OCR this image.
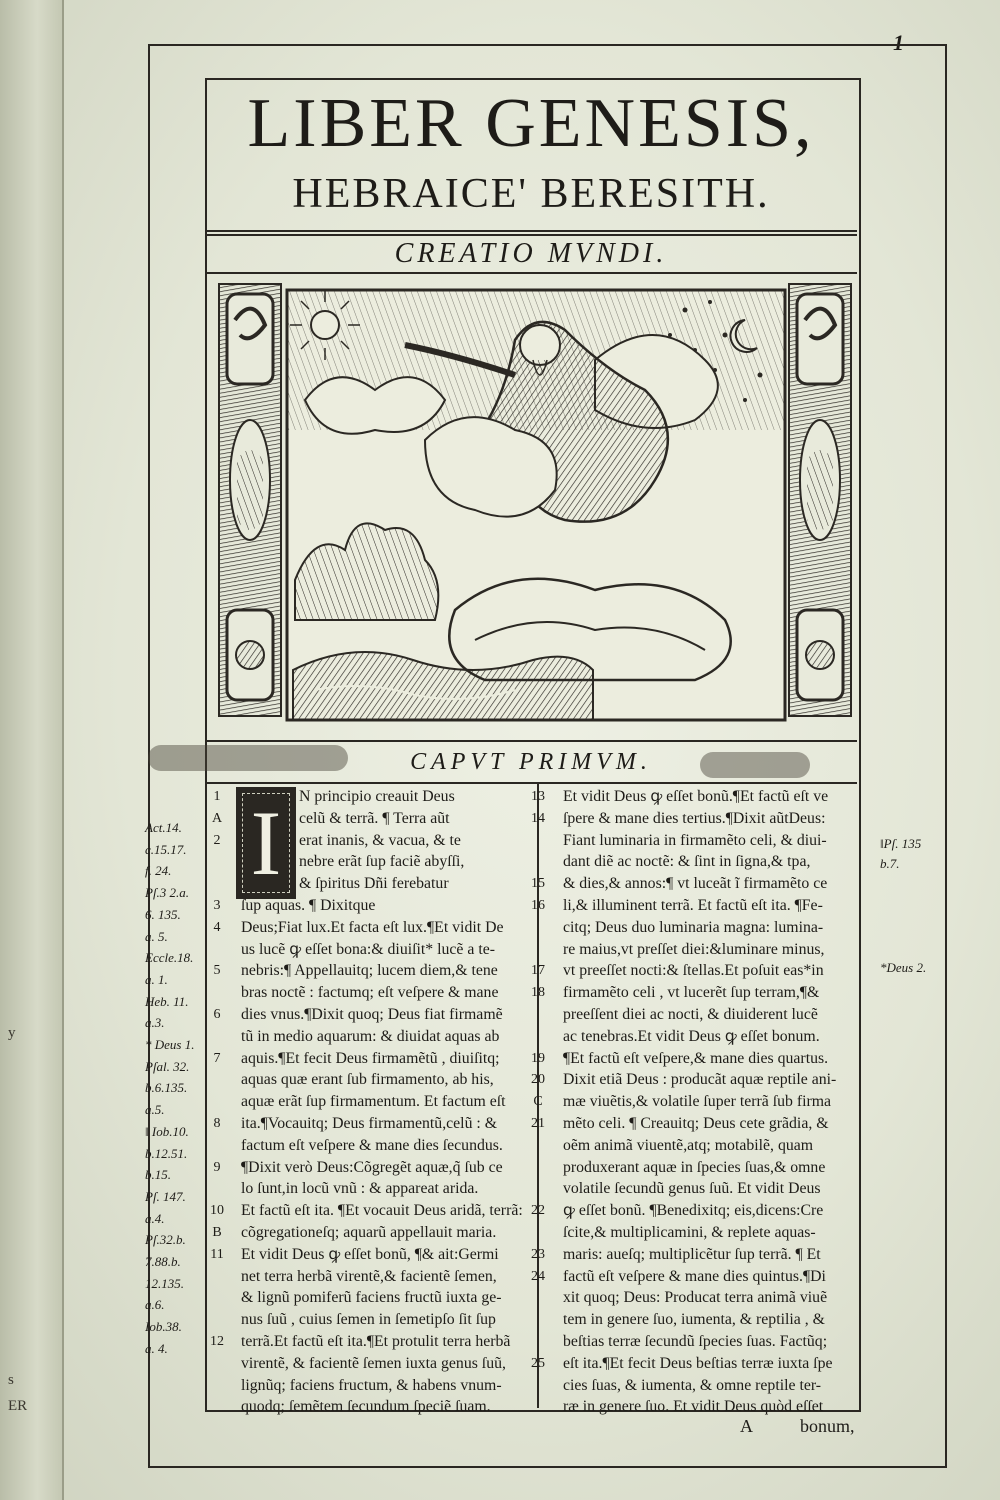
y
s
ER
1
LIBER GENESIS,
HEBRAICE' BERESITH.
CREATIO MVNDI.
CAPVT PRIMVM.
I
1	N principio creauit Deus
A	celũ & terrã. ¶ Terra aũt
2	erat inanis, & vacua, & te
nebre erãt ſup faciẽ abyſſi,
& ſpiritus Dñi ferebatur
3	ſup aquas. ¶ Dixitque
4	Deus;Fiat lux.Et facta eſt lux.¶Et vidit De
us lucẽ ꝙ eſſet bona:& diuiſit* lucẽ a te-
5	nebris:¶ Appellauitq; lucem diem,& tene
bras noctẽ : factumq; eſt veſpere & mane
6	dies vnus.¶Dixit quoq; Deus fiat firmamẽ
tũ in medio aquarum: & diuidat aquas ab
7	aquis.¶Et fecit Deus firmamẽtũ , diuiſitq;
aquas quæ erant ſub firmamento, ab his,
aquæ erãt ſup firmamentum. Et factum eſt
8	ita.¶Vocauitq; Deus firmamentũ,celũ : &
factum eſt veſpere & mane dies ſecundus.
9	¶Dixit verò Deus:Cõgregẽt aquæ,q̃ ſub ce
lo ſunt,in locũ vnũ : & appareat arida.
10 Et factũ eſt ita. ¶Et vocauit Deus aridã, terrã:
B	cõgregationeſq; aquarũ appellauit maria.
11 Et vidit Deus ꝙ eſſet bonũ, ¶& ait:Germi
net terra herbã virentẽ,& facientẽ ſemen,
& lignũ pomiferũ faciens fructũ iuxta ge-
nus ſuũ , cuius ſemen in ſemetipſo ſit ſup
12 terrã.Et factũ eſt ita.¶Et protulit terra herbã
virentẽ, & facientẽ ſemen iuxta genus ſuũ,
lignũq; faciens fructum, & habens vnum-
quodq; ſemẽtem ſecundum ſpeciẽ ſuam.
13 Et vidit Deus ꝙ eſſet bonũ.¶Et factũ eſt ve
14 ſpere & mane dies tertius.¶Dixit aũtDeus:
Fiant luminaria in firmamẽto celi, & diui-
dant diẽ ac noctẽ: & ſint in ſigna,& tpa,
15 & dies,& annos:¶ vt luceãt ĩ firmamẽto ce
16 li,& illuminent terrã. Et factũ eſt ita. ¶Fe-
citq; Deus duo luminaria magna: lumina-
re maius,vt preſſet diei:&luminare minus,
17 vt preeſſet nocti:& ſtellas.Et poſuit eas*in
18 firmamẽto celi , vt lucerẽt ſup terram,¶&
preeſſent diei ac nocti, & diuiderent lucẽ
ac tenebras.Et vidit Deus ꝙ eſſet bonum.
19 ¶Et factũ eſt veſpere,& mane dies quartus.
20 Dixit etiã Deus : producãt aquæ reptile ani-
C	mæ viuẽtis,& volatile ſuper terrã ſub firma
21 mẽto celi. ¶ Creauitq; Deus cete grãdia, &
oẽm animã viuentẽ,atq; motabilẽ, quam
produxerant aquæ in ſpecies ſuas,& omne
volatile ſecundũ genus ſuũ. Et vidit Deus
22 ꝙ eſſet bonũ. ¶Benedixitq; eis,dicens:Cre
ſcite,& multiplicamini, & replete aquas-
23 maris: aueſq; multiplicẽtur ſup terrã. ¶ Et
24 factũ eſt veſpere & mane dies quintus.¶Di
xit quoq; Deus: Producat terra animã viuẽ
tem in genere ſuo, iumenta, & reptilia , &
beſtias terræ ſecundũ ſpecies ſuas. Factũq;
25 eſt ita.¶Et fecit Deus beſtias terræ iuxta ſpe
cies ſuas, & iumenta, & omne reptile ter-
ræ in genere ſuo. Et vidit Deus quòd eſſet
Act.14.
c.15.17.
f. 24.
Pſ.3 2.a.
6. 135.
a. 5.
Eccle.18.
a. 1.
Heb. 11.
a.3.
* Deus 1.
Pſal. 32.
b.6.135.
a.5.
‖ Iob.10.
b.12.51.
b.15.
Pſ. 147.
a.4.
Pſ.32.b.
7.88.b.
12.135.
a.6.
Iob.38.
a. 4.
‖Pſ. 135
b.7.
*Deus 2.
A	bonum,
